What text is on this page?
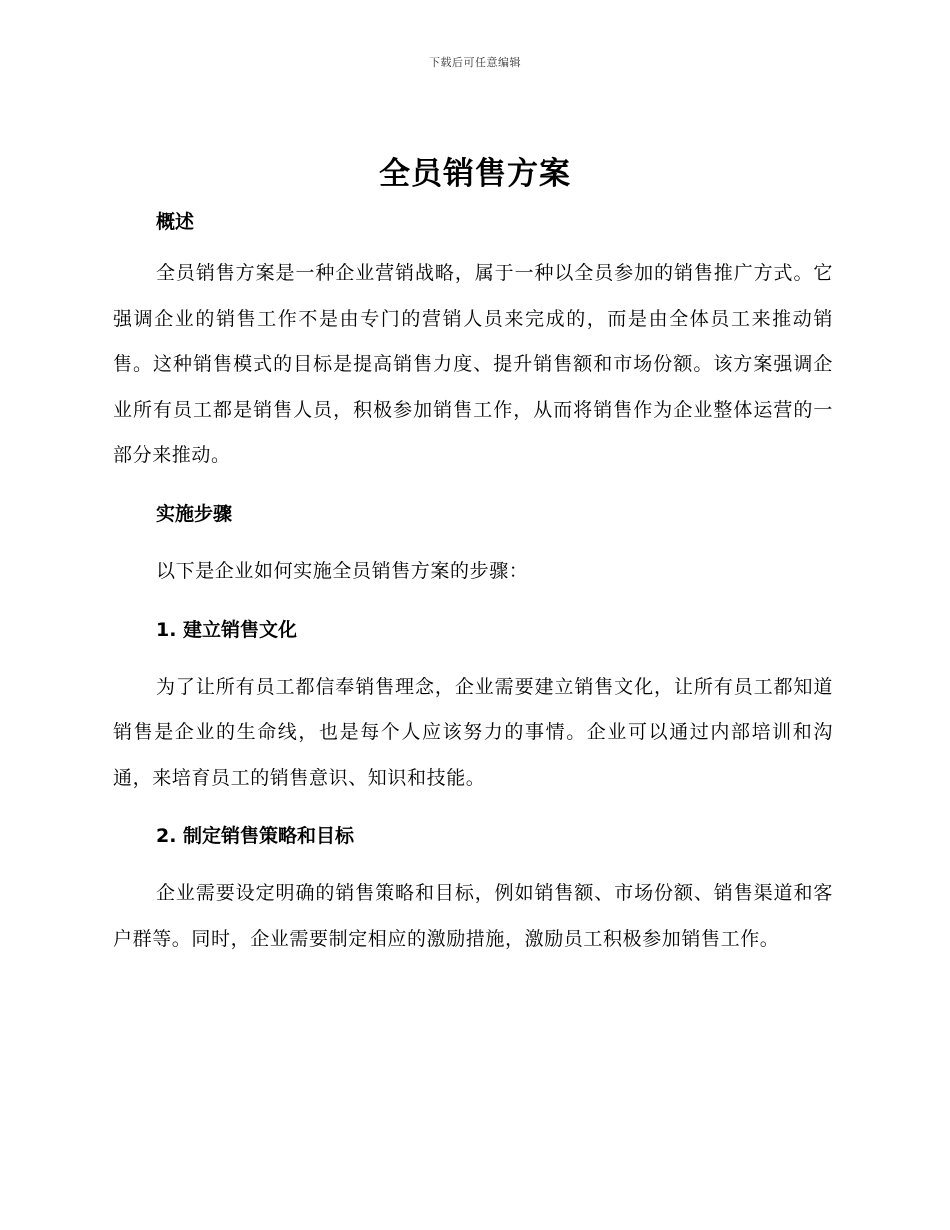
下载后可任意编辑
全员销售方案
概述

全员销售方案是一种企业营销战略，属于一种以全员参加的销售推广方式。它强调企业的销售工作不是由专门的营销人员来完成的，而是由全体员工来推动销售。这种销售模式的目标是提高销售力度、提升销售额和市场份额。该方案强调企业所有员工都是销售人员，积极参加销售工作，从而将销售作为企业整体运营的一部分来推动。

实施步骤

以下是企业如何实施全员销售方案的步骤：

1. 建立销售文化

为了让所有员工都信奉销售理念，企业需要建立销售文化，让所有员工都知道销售是企业的生命线，也是每个人应该努力的事情。企业可以通过内部培训和沟通，来培育员工的销售意识、知识和技能。

2. 制定销售策略和目标

企业需要设定明确的销售策略和目标，例如销售额、市场份额、销售渠道和客户群等。同时，企业需要制定相应的激励措施，激励员工积极参加销售工作。
